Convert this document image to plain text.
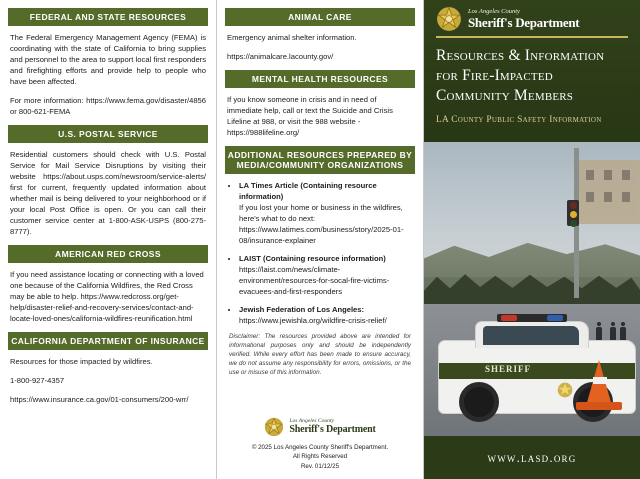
FEDERAL AND STATE RESOURCES
The Federal Emergency Management Agency (FEMA) is coordinating with the state of California to bring supplies and personnel to the area to support local first responders and firefighting efforts and provide help to people who have been affected.
For more information: https://www.fema.gov/disaster/4856 or 800-621-FEMA
U.S. POSTAL SERVICE
Residential customers should check with U.S. Postal Service for Mail Service Disruptions by visiting their website https://about.usps.com/newsroom/service-alerts/ first for current, frequently updated information about whether mail is being delivered to your neighborhood or if your local Post Office is open. Or you can call their customer service center at 1-800-ASK-USPS (800-275-8777).
AMERICAN RED CROSS
If you need assistance locating or connecting with a loved one because of the California Wildfires, the Red Cross may be able to help. https://www.redcross.org/get-help/disaster-relief-and-recovery-services/contact-and-locate-loved-ones/california-wildfires-reunification.html
CALIFORNIA DEPARTMENT OF INSURANCE
Resources for those impacted by wildfires.
1-800-927-4357
https://www.insurance.ca.gov/01-consumers/200-wrr/
ANIMAL CARE
Emergency animal shelter information.
https://animalcare.lacounty.gov/
MENTAL HEALTH RESOURCES
If you know someone in crisis and in need of immediate help, call or text the Suicide and Crisis Lifeline at 988, or visit the 988 website - https://988lifeline.org/
ADDITIONAL RESOURCES PREPARED BY MEDIA/COMMUNITY ORGANIZATIONS
• LA Times Article (Containing resource information)
If you lost your home or business in the wildfires, here's what to do next: https://www.latimes.com/business/story/2025-01-08/insurance-explainer
• LAIST (Containing resource information)
https://laist.com/news/climate-environment/resources-for-socal-fire-victims-evacuees-and-first-responders
• Jewish Federation of Los Angeles:
https://www.jewishla.org/wildfire-crisis-relief/
Disclaimer: The resources provided above are intended for informational purposes only and should be independently verified. While every effort has been made to ensure accuracy, we do not assume any responsibility for errors, omissions, or the use or misuse of this information.
Los Angeles County
Sheriff's Department
© 2025 Los Angeles County Sheriff's Department.
All Rights Reserved
Rev. 01/12/25
Los Angeles County
Sheriff's Department
Resources & Information
for Fire-Impacted
Community Members
LA County Public Safety Information
SHERIFF
www.lasd.org
